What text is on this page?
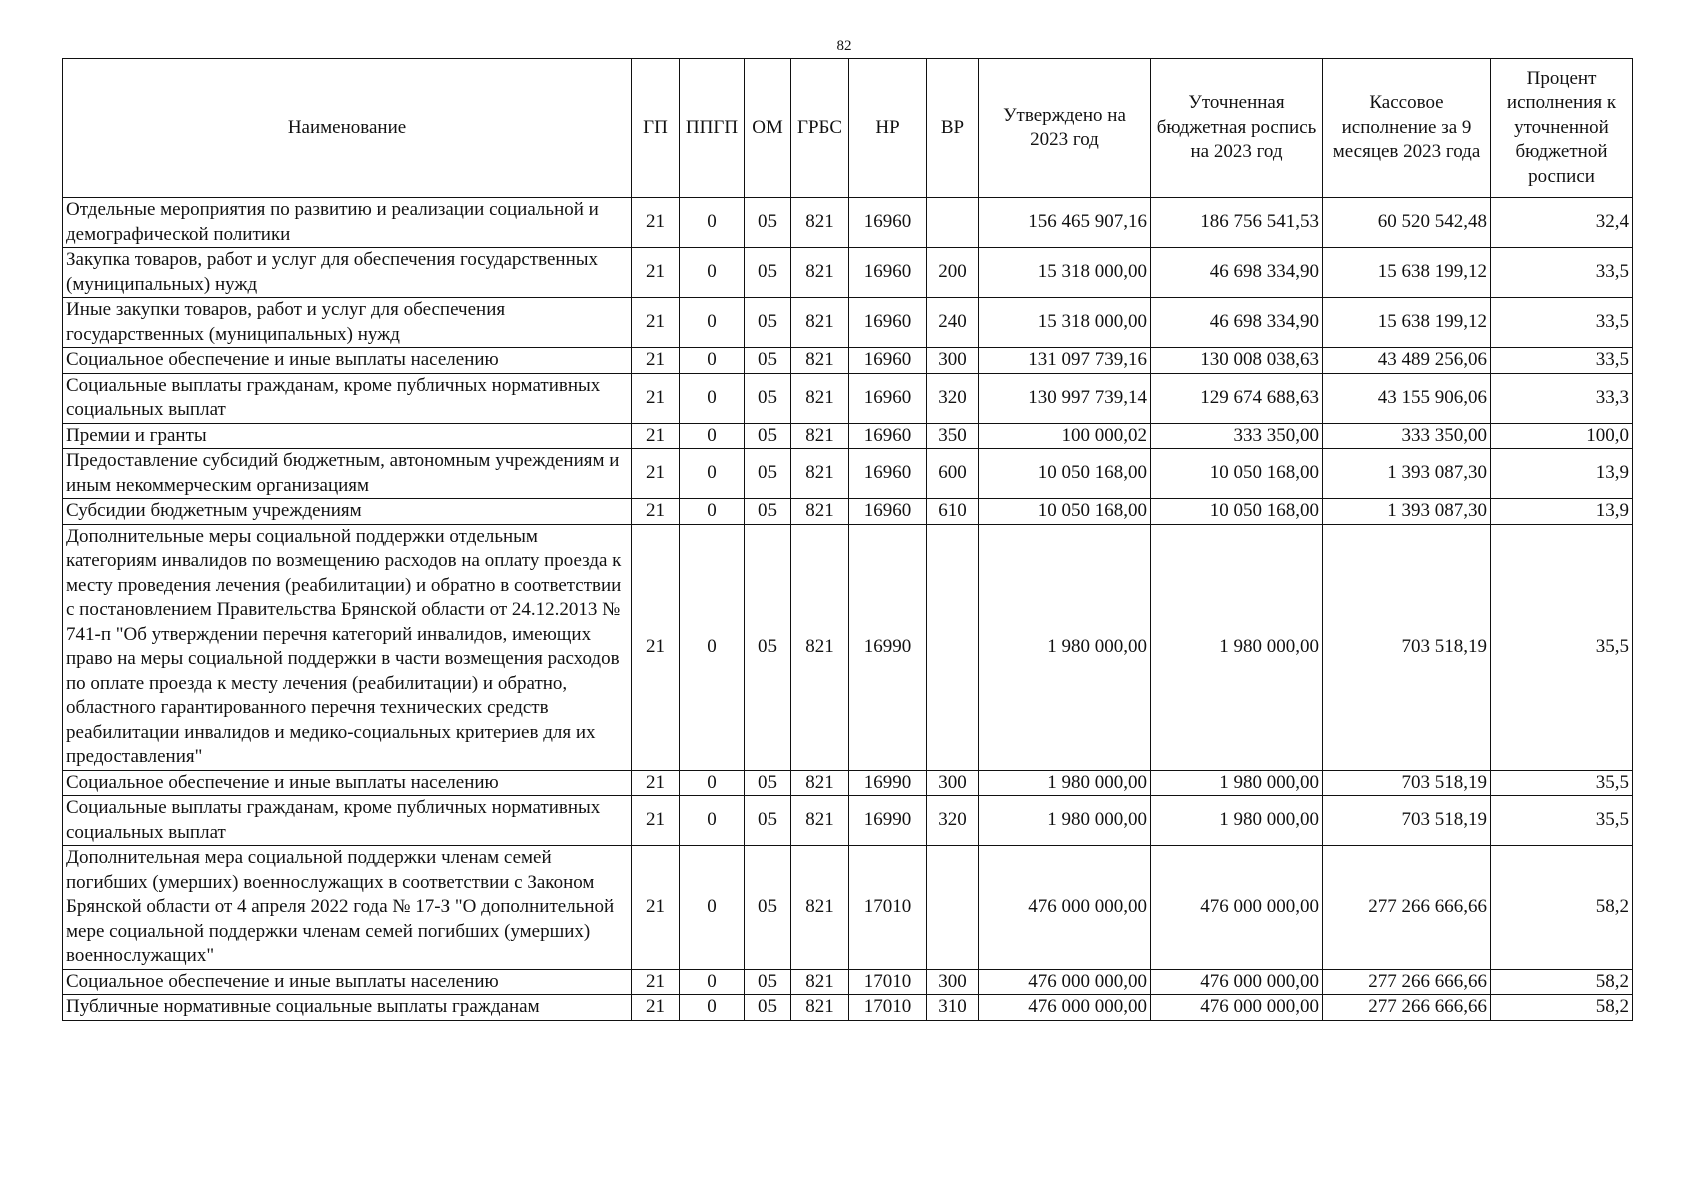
82
Наименование	ГП	ППГП	ОМ	ГРБС	НР	ВР	Утверждено на 2023 год	Уточненная бюджетная роспись на 2023 год	Кассовое исполнение за 9 месяцев 2023 года	Процент исполнения к уточненной бюджетной росписи
Отдельные мероприятия по развитию и реализации социальной и демографической политики	21	0	05	821	16960		156 465 907,16	186 756 541,53	60 520 542,48	32,4
Закупка товаров, работ и услуг для обеспечения государственных (муниципальных) нужд	21	0	05	821	16960	200	15 318 000,00	46 698 334,90	15 638 199,12	33,5
Иные закупки товаров, работ и услуг для обеспечения государственных (муниципальных) нужд	21	0	05	821	16960	240	15 318 000,00	46 698 334,90	15 638 199,12	33,5
Социальное обеспечение и иные выплаты населению	21	0	05	821	16960	300	131 097 739,16	130 008 038,63	43 489 256,06	33,5
Социальные выплаты гражданам, кроме публичных нормативных социальных выплат	21	0	05	821	16960	320	130 997 739,14	129 674 688,63	43 155 906,06	33,3
Премии и гранты	21	0	05	821	16960	350	100 000,02	333 350,00	333 350,00	100,0
Предоставление субсидий бюджетным, автономным учреждениям и иным некоммерческим организациям	21	0	05	821	16960	600	10 050 168,00	10 050 168,00	1 393 087,30	13,9
Субсидии бюджетным учреждениям	21	0	05	821	16960	610	10 050 168,00	10 050 168,00	1 393 087,30	13,9
Дополнительные меры социальной поддержки отдельным категориям инвалидов по возмещению расходов на оплату проезда к месту проведения лечения (реабилитации) и обратно в соответствии с постановлением Правительства Брянской области от 24.12.2013 № 741-п "Об утверждении перечня категорий инвалидов, имеющих право на меры социальной поддержки в части возмещения расходов по оплате проезда к месту лечения (реабилитации) и обратно, областного гарантированного перечня технических средств реабилитации инвалидов и медико-социальных критериев для их предоставления"	21	0	05	821	16990		1 980 000,00	1 980 000,00	703 518,19	35,5
Социальное обеспечение и иные выплаты населению	21	0	05	821	16990	300	1 980 000,00	1 980 000,00	703 518,19	35,5
Социальные выплаты гражданам, кроме публичных нормативных социальных выплат	21	0	05	821	16990	320	1 980 000,00	1 980 000,00	703 518,19	35,5
Дополнительная мера социальной поддержки членам семей погибших (умерших) военнослужащих в соответствии с Законом Брянской области от 4 апреля 2022 года № 17-З "О дополнительной мере социальной поддержки членам семей погибших (умерших) военнослужащих"	21	0	05	821	17010		476 000 000,00	476 000 000,00	277 266 666,66	58,2
Социальное обеспечение и иные выплаты населению	21	0	05	821	17010	300	476 000 000,00	476 000 000,00	277 266 666,66	58,2
Публичные нормативные социальные выплаты гражданам	21	0	05	821	17010	310	476 000 000,00	476 000 000,00	277 266 666,66	58,2
